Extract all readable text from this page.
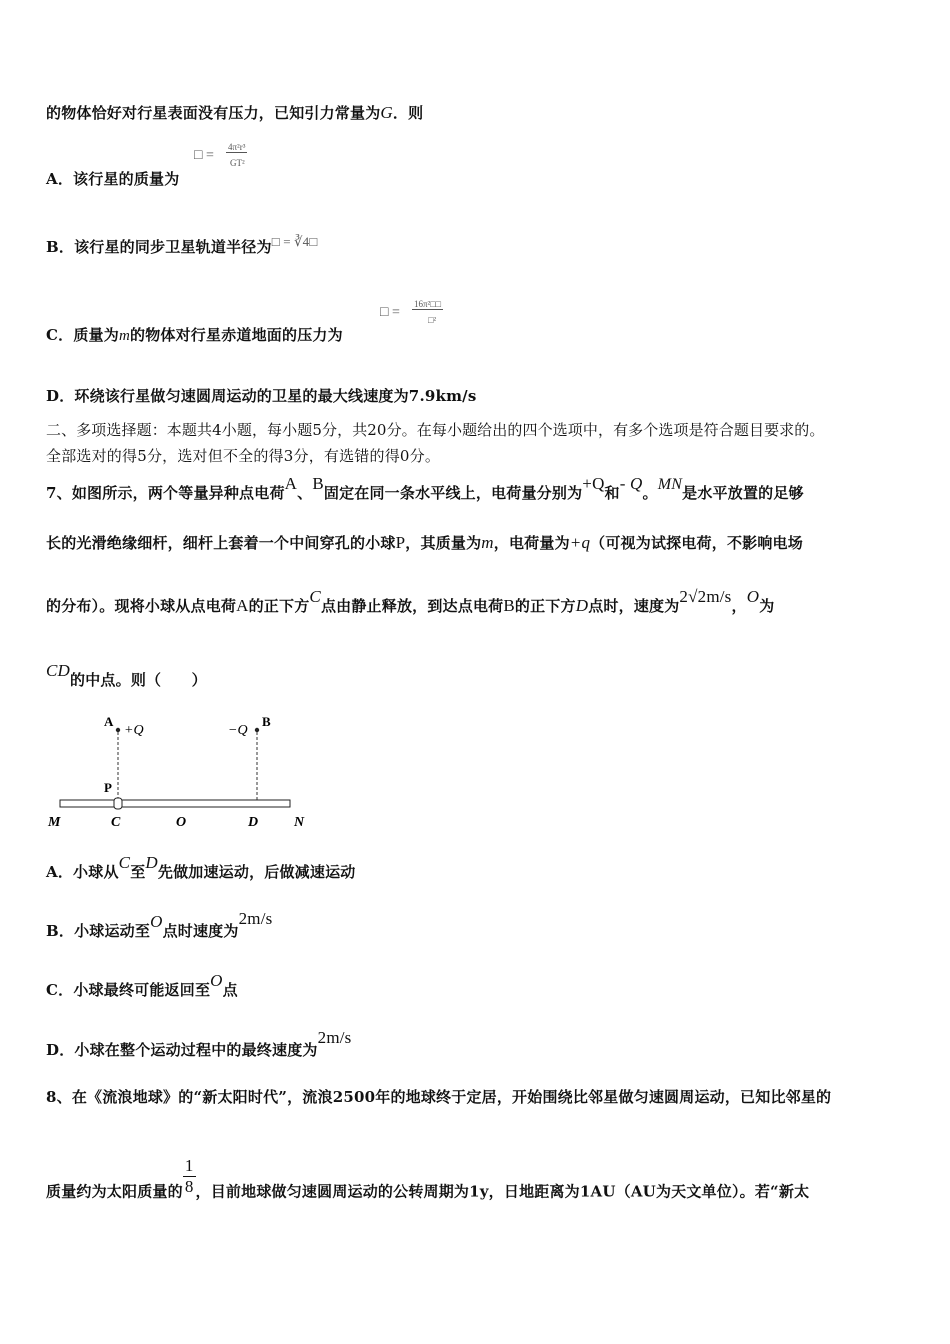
的物体恰好对行星表面没有压力，已知引力常量为G．则
A．该行星的质量为
□ =
4π²r³
GT²
B．该行星的同步卫星轨道半径为□ = ∛4□
C．质量为m的物体对行星赤道地面的压力为
□ =
16π²□□
□²
D．环绕该行星做匀速圆周运动的卫星的最大线速度为7.9km/s
二、多项选择题：本题共4小题，每小题5分，共20分。在每小题给出的四个选项中，有多个选项是符合题目要求的。
全部选对的得5分，选对但不全的得3分，有选错的得0分。
7、如图所示，两个等量异种点电荷A、B固定在同一条水平线上，电荷量分别为+Q和- Q。MN是水平放置的足够
长的光滑绝缘细杆，细杆上套着一个中间穿孔的小球P，其质量为m，电荷量为+q（可视为试探电荷，不影响电场
的分布）。现将小球从点电荷A的正下方C点由静止释放，到达点电荷B的正下方D点时，速度为2√2m/s，O为
CD的中点。则（　　）
A
+Q	−Q
B
P
M	C	O	D	N
A．小球从C至D先做加速运动，后做减速运动
B．小球运动至O点时速度为2m/s
C．小球最终可能返回至O点
D．小球在整个运动过程中的最终速度为2m/s
8、在《流浪地球》的“新太阳时代”，流浪2500年的地球终于定居，开始围绕比邻星做匀速圆周运动，已知比邻星的
质量约为太阳质量的 $\frac{1}{8}$ ，目前地球做匀速圆周运动的公转周期为1y，日地距离为1AU（AU为天文单位）。若“新太
